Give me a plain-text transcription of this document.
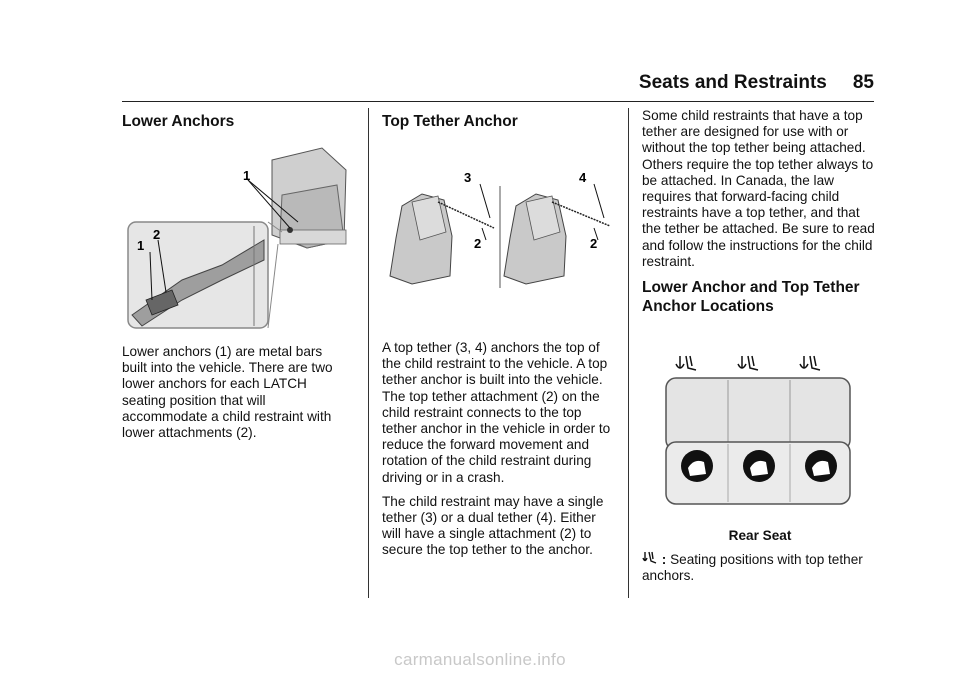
Seats and Restraints 85
Lower Anchors
1
2
1

Lower anchors (1) are metal bars built into the vehicle. There are two lower anchors for each LATCH seating position that will accommodate a child restraint with lower attachments (2).

Top Tether Anchor
3
2
4
2

A top tether (3, 4) anchors the top of the child restraint to the vehicle. A top tether anchor is built into the vehicle. The top tether attachment (2) on the child restraint connects to the top tether anchor in the vehicle in order to reduce the forward movement and rotation of the child restraint during driving or in a crash.

The child restraint may have a single tether (3) or a dual tether (4). Either will have a single attachment (2) to secure the top tether to the anchor.

Some child restraints that have a top tether are designed for use with or without the top tether being attached. Others require the top tether always to be attached. In Canada, the law requires that forward-facing child restraints have a top tether, and that the tether be attached. Be sure to read and follow the instructions for the child restraint.

Lower Anchor and Top Tether Anchor Locations
Rear Seat
: Seating positions with top tether anchors.
carmanualsonline.info
